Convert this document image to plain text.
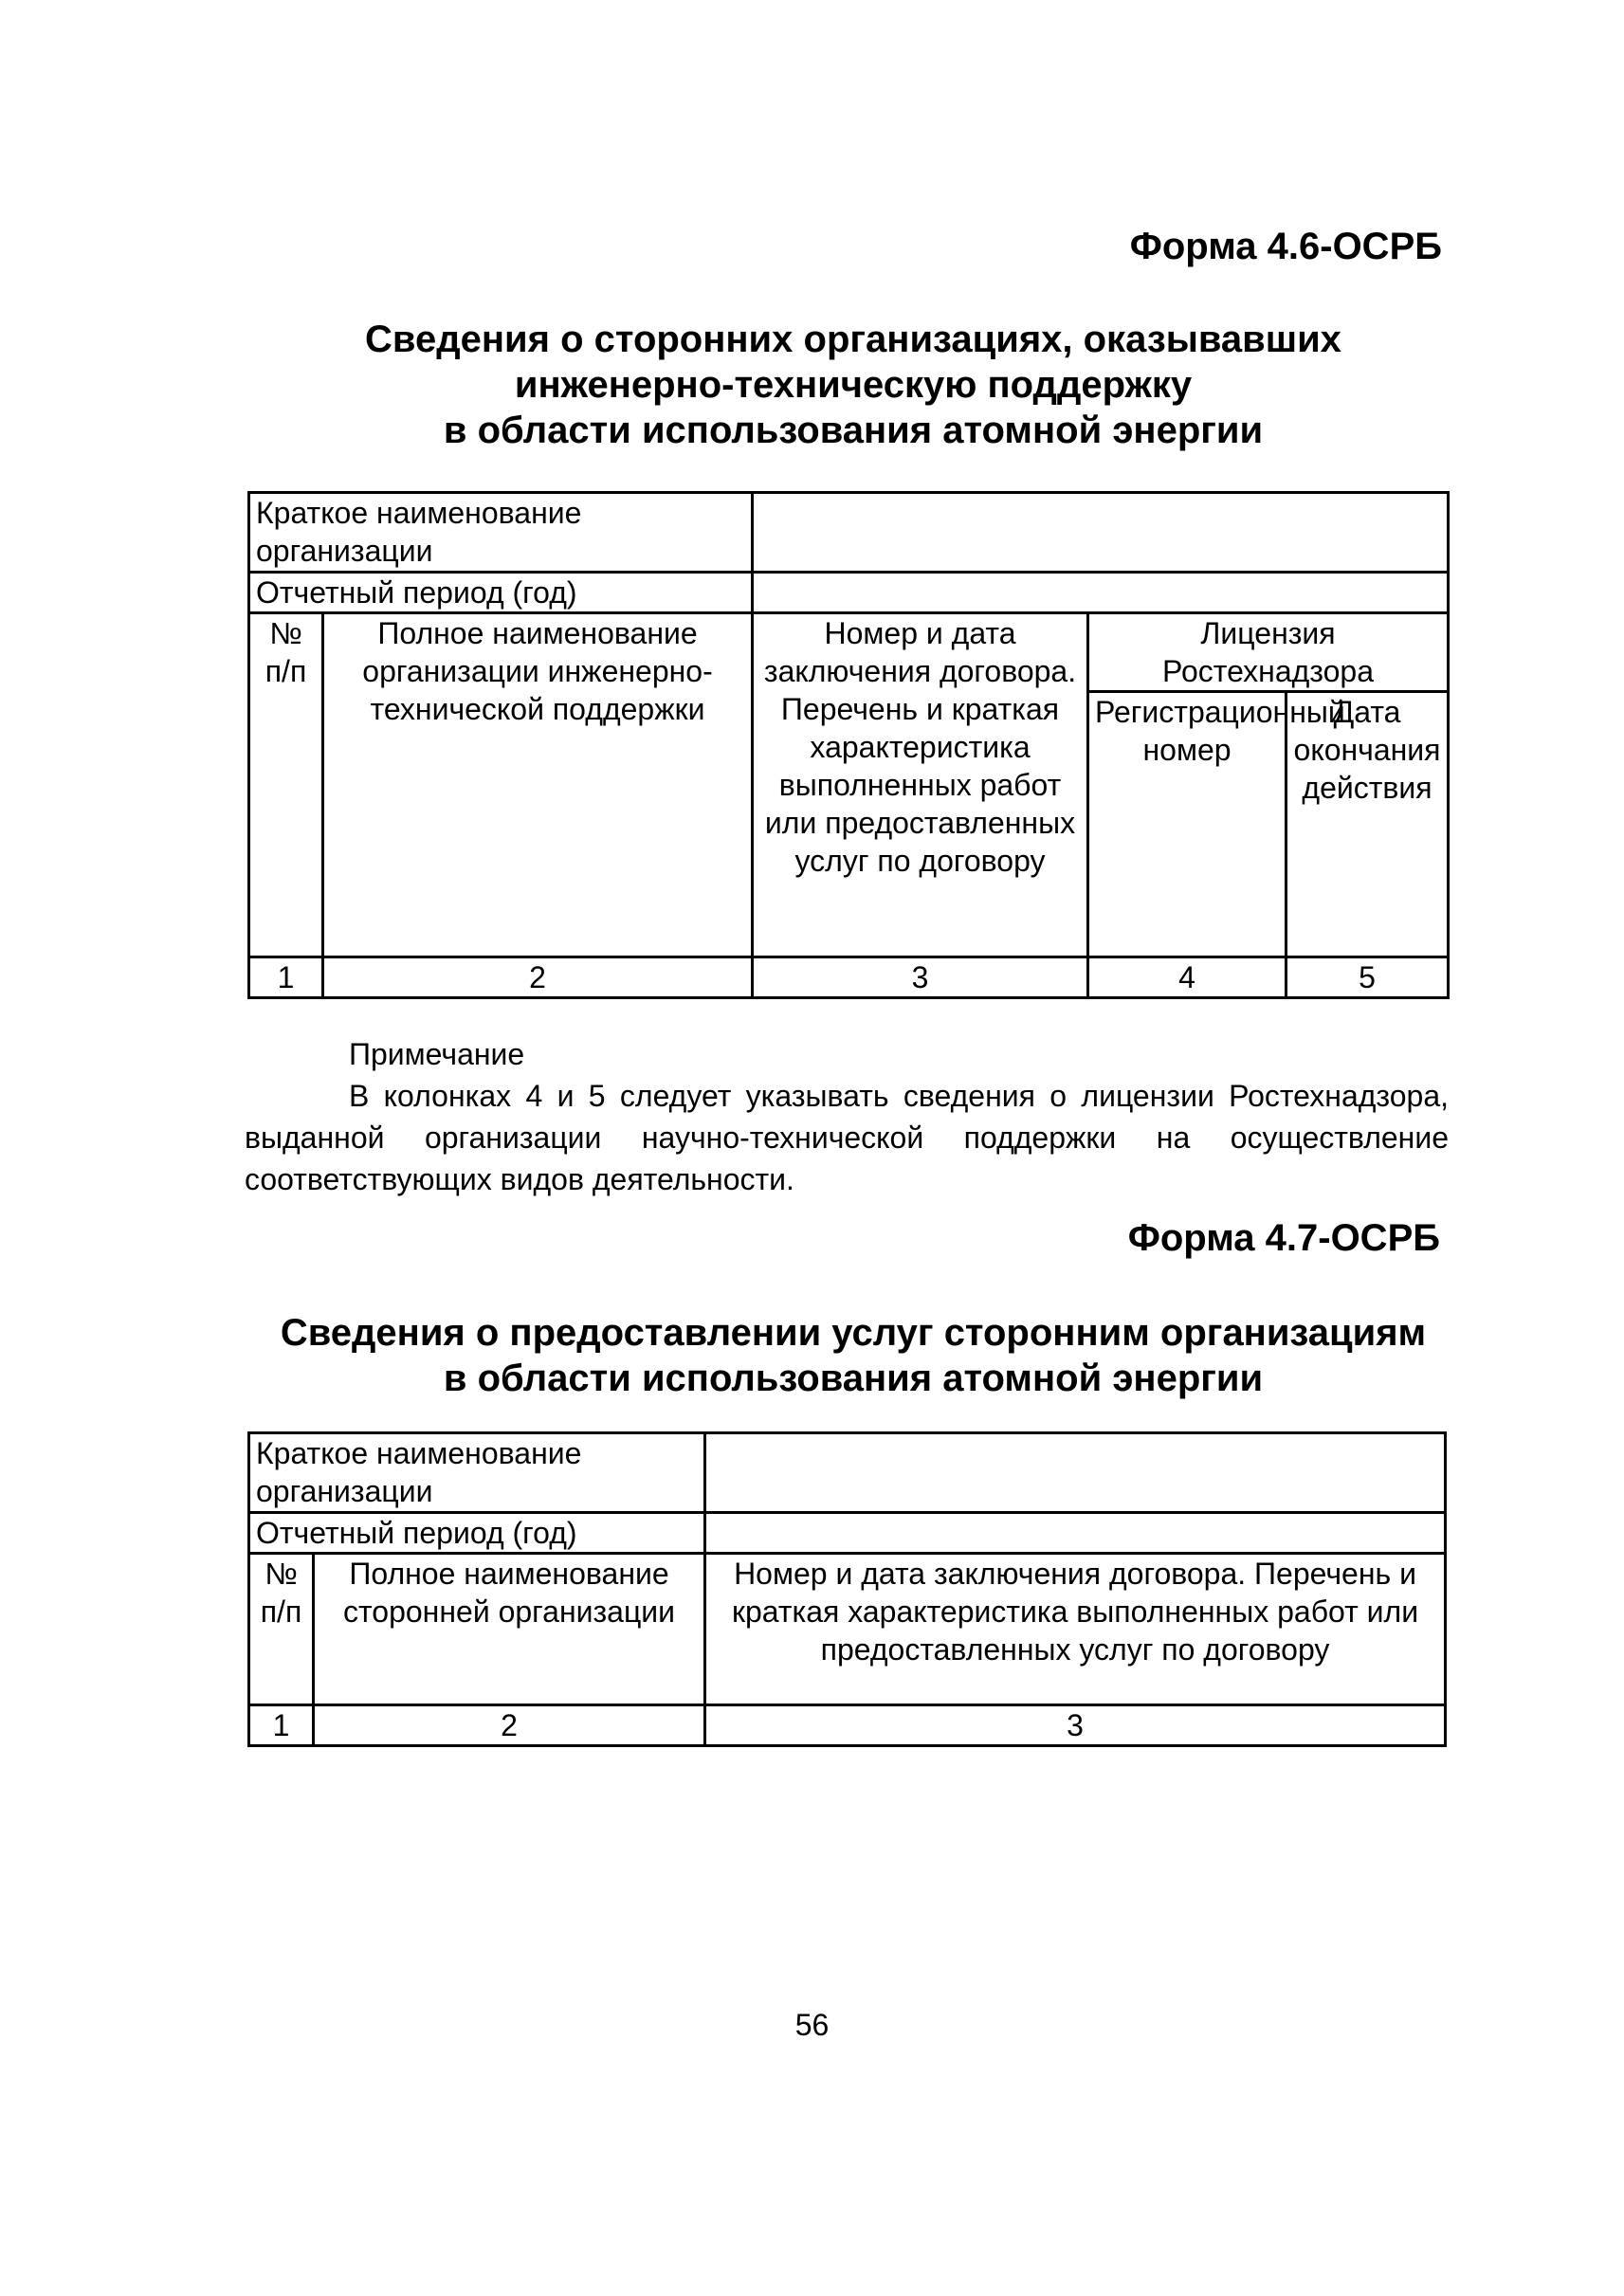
Форма 4.6-ОСРБ
Сведения о сторонних организациях, оказывавших
инженерно-техническую поддержку
в области использования атомной энергии
Краткое наименование организации				
Отчетный период (год)				
№ п/п	Полное наименование организации инженерно-технической поддержки	Номер и дата заключения договора. Перечень и краткая характеристика выполненных работ или предоставленных услуг по договору	Лицензия Ростехнадзора	
			Регистрационный номер	Дата окончания действия
1	2	3	4	5
Примечание
В колонках 4 и 5 следует указывать сведения о лицензии Ростехнадзора, выданной организации научно-технической поддержки на осуществление соответствующих видов деятельности.
Форма 4.7-ОСРБ
Сведения о предоставлении услуг сторонним организациям
в области использования атомной энергии
Краткое наименование организации		
Отчетный период (год)		
№ п/п	Полное наименование сторонней организации	Номер и дата заключения договора. Перечень и краткая характеристика выполненных работ или предоставленных услуг по договору
1	2	3
56
